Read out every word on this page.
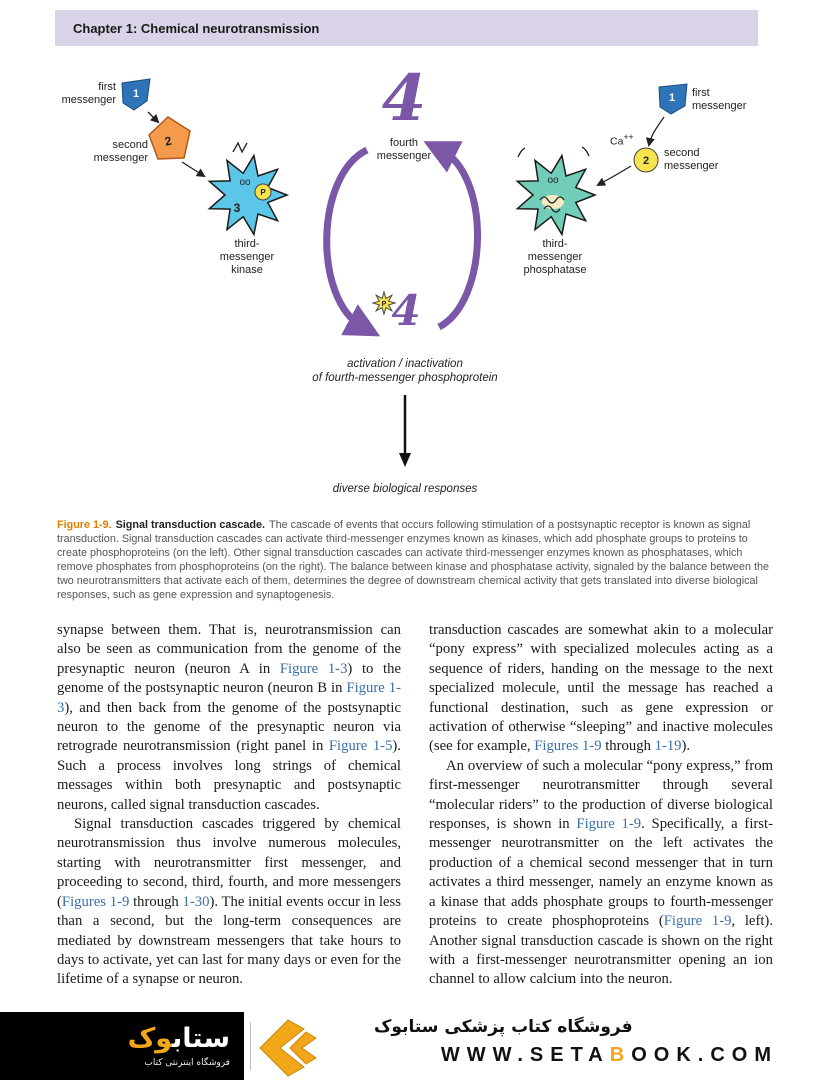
Chapter 1: Chemical neurotransmission
1
2
oo
3
P
1
2
oo
P
first
messenger
second
messenger
third-
messenger
kinase
4
fourth
messenger
4
activation / inactivation
of fourth-messenger phosphoprotein
diverse biological responses
first
messenger
Ca++
second
messenger
third-
messenger
phosphatase
Figure 1-9. Signal transduction cascade. The cascade of events that occurs following stimulation of a postsynaptic receptor is known as signal transduction. Signal transduction cascades can activate third-messenger enzymes known as kinases, which add phosphate groups to proteins to create phosphoproteins (on the left). Other signal transduction cascades can activate third-messenger enzymes known as phosphatases, which remove phosphates from phosphoproteins (on the right). The balance between kinase and phosphatase activity, signaled by the balance between the two neurotransmitters that activate each of them, determines the degree of downstream chemical activity that gets translated into diverse biological responses, such as gene expression and synaptogenesis.

synapse between them. That is, neurotransmission can also be seen as communication from the genome of the presynaptic neuron (neuron A in Figure 1-3) to the genome of the postsynaptic neuron (neuron B in Figure 1-3), and then back from the genome of the postsynaptic neuron to the genome of the presynaptic neuron via retrograde neurotransmission (right panel in Figure 1-5). Such a process involves long strings of chemical messages within both presynaptic and postsynaptic neurons, called signal transduction cascades.

Signal transduction cascades triggered by chemical neurotransmission thus involve numerous molecules, starting with neurotransmitter first messenger, and proceeding to second, third, fourth, and more messengers (Figures 1-9 through 1-30). The initial events occur in less than a second, but the long-term consequences are mediated by downstream messengers that take hours to days to activate, yet can last for many days or even for the lifetime of a synapse or neuron.

transduction cascades are somewhat akin to a molecular “pony express” with specialized molecules acting as a sequence of riders, handing on the message to the next specialized molecule, until the message has reached a functional destination, such as gene expression or activation of otherwise “sleeping” and inactive molecules (see for example, Figures 1-9 through 1-19).

An overview of such a molecular “pony express,” from first-messenger neurotransmitter through several “molecular riders” to the production of diverse biological responses, is shown in Figure 1-9. Specifically, a first-messenger neurotransmitter on the left activates the production of a chemical second messenger that in turn activates a third messenger, namely an enzyme known as a kinase that adds phosphate groups to fourth-messenger proteins to create phosphoproteins (Figure 1-9, left). Another signal transduction cascade is shown on the right with a first-messenger neurotransmitter opening an ion channel to allow calcium into the neuron.

ستابوک
فروشگاه اینترنتی کتاب
فروشگاه کتاب پزشکی ستابوک
WWW.SETABOOK.COM
